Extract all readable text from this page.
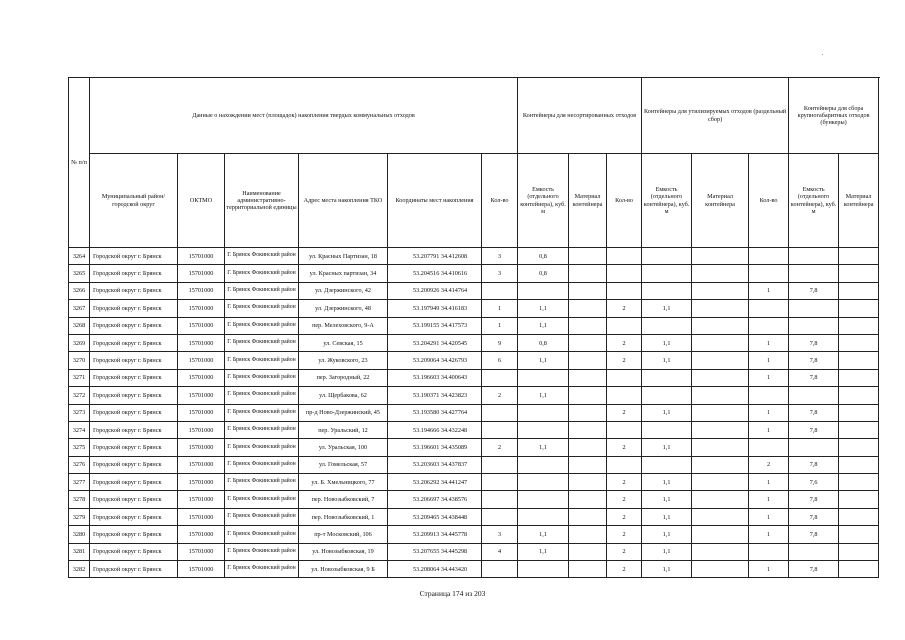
№ п/п	Данные о нахождении мест (площадок) накопления твердых коммунальных отходов						Контейнеры для несортированных отходов			Контейнеры для утилизируемых отходов (раздельный сбор)			Контейнеры для сбора крупногабаритных отходов (бункеры)	
	Муниципальный район/городской округ	ОКТМО	Наименование административно-территориальной единицы	Адрес места накопления ТКО	Координаты мест накопления	Кол-во	Емкость (отдельного контейнера), куб. м	Материал контейнера	Кол-во	Емкость (отдельного контейнера), куб. м	Материал контейнера	Кол-во	Емкость (отдельного контейнера), куб. м	Материал контейнера
3264	Городской округ г. Брянск	15701000	Г. Брянск Фокинский район	ул. Красных Партизан, 18	53.207791 34.412608	3	0,8							
3265	Городской округ г. Брянск	15701000	Г. Брянск Фокинский район	ул. Красных партизан, 34	53.204516 34.410616	3	0,8							
3266	Городской округ г. Брянск	15701000	Г. Брянск Фокинский район	ул. Дзержинского, 42	53.200926 34.414764							1	7,8	
3267	Городской округ г. Брянск	15701000	Г. Брянск Фокинский район	ул. Дзержинского, 48	53.197949 34.416183	1	1,1		2	1,1				
3268	Городской округ г. Брянск	15701000	Г. Брянск Фокинский район	пер. Мелеховского, 9-А	53.199155 34.417573	1	1,1							
3269	Городской округ г. Брянск	15701000	Г. Брянск Фокинский район	ул. Севская, 15	53.204291 34.420545	9	0,8		2	1,1		1	7,8	
3270	Городской округ г. Брянск	15701000	Г. Брянск Фокинский район	ул. Жуковского, 23	53.209064 34.426793	6	1,1		2	1,1		1	7,8	
3271	Городской округ г. Брянск	15701000	Г. Брянск Фокинский район	пер. Загородный, 22	53.196603 34.400643							1	7,8	
3272	Городской округ г. Брянск	15701000	Г. Брянск Фокинский район	ул. Щербакова, 62	53.190371 34.423823	2	1,1							
3273	Городской округ г. Брянск	15701000	Г. Брянск Фокинский район	пр-д Ново-Дзержинский, 45	53.193580 34.427764				2	1,1		1	7,8	
3274	Городской округ г. Брянск	15701000	Г. Брянск Фокинский район	пер. Уральский, 12	53.194666 34.432248							1	7,8	
3275	Городской округ г. Брянск	15701000	Г. Брянск Фокинский район	ул. Уральская, 100	53.196601 34.435089	2	1,1		2	1,1				
3276	Городской округ г. Брянск	15701000	Г. Брянск Фокинский район	ул. Гомельская, 57	53.203603 34.437837							2	7,8	
3277	Городской округ г. Брянск	15701000	Г. Брянск Фокинский район	ул. Б. Хмельницкого, 77	53.206292 34.441247				2	1,1		1	7,6	
3278	Городской округ г. Брянск	15701000	Г. Брянск Фокинский район	пер. Новозыбковский, 7	53.206697 34.438576				2	1,1		1	7,8	
3279	Городской округ г. Брянск	15701000	Г. Брянск Фокинский район	пер. Новозыбковский, 1	53.209465 34.438448				2	1,1		1	7,8	
3280	Городской округ г. Брянск	15701000	Г. Брянск Фокинский район	пр-т Московский, 106	53.209913 34.445778	3	1,1		2	1,1		1	7,8	
3281	Городской округ г. Брянск	15701000	Г. Брянск Фокинский район	ул. Новозыбковская, 19	53.207655 34.445298	4	1,1		2	1,1				
3282	Городской округ г. Брянск	15701000	Г. Брянск Фокинский район	ул. Новозыбковская, 9 Б	53.208064 34.443420				2	1,1		1	7,8	
Страница 174 из 203
